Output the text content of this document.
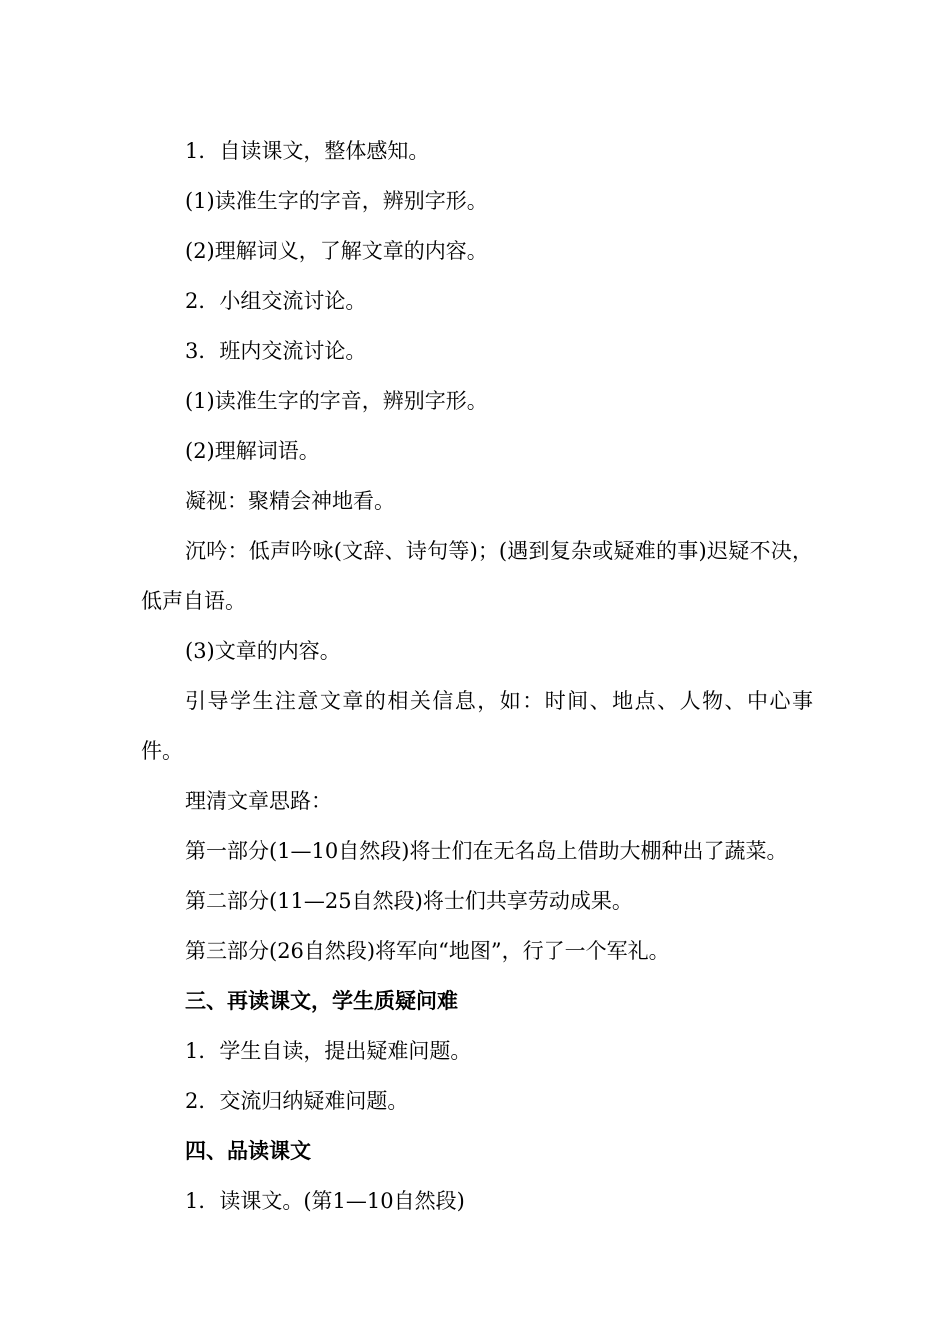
1．自读课文，整体感知。

(1)读准生字的字音，辨别字形。

(2)理解词义，了解文章的内容。

2．小组交流讨论。

3．班内交流讨论。

(1)读准生字的字音，辨别字形。

(2)理解词语。

凝视：聚精会神地看。

沉吟：低声吟咏(文辞、诗句等)；(遇到复杂或疑难的事)迟疑不决，低声自语。

(3)文章的内容。

引导学生注意文章的相关信息，如：时间、地点、人物、中心事件。

理清文章思路：

第一部分(1—10自然段)将士们在无名岛上借助大棚种出了蔬菜。

第二部分(11—25自然段)将士们共享劳动成果。

第三部分(26自然段)将军向“地图”，行了一个军礼。

三、再读课文，学生质疑问难

1．学生自读，提出疑难问题。

2．交流归纳疑难问题。

四、品读课文

1．读课文。(第1—10自然段)
